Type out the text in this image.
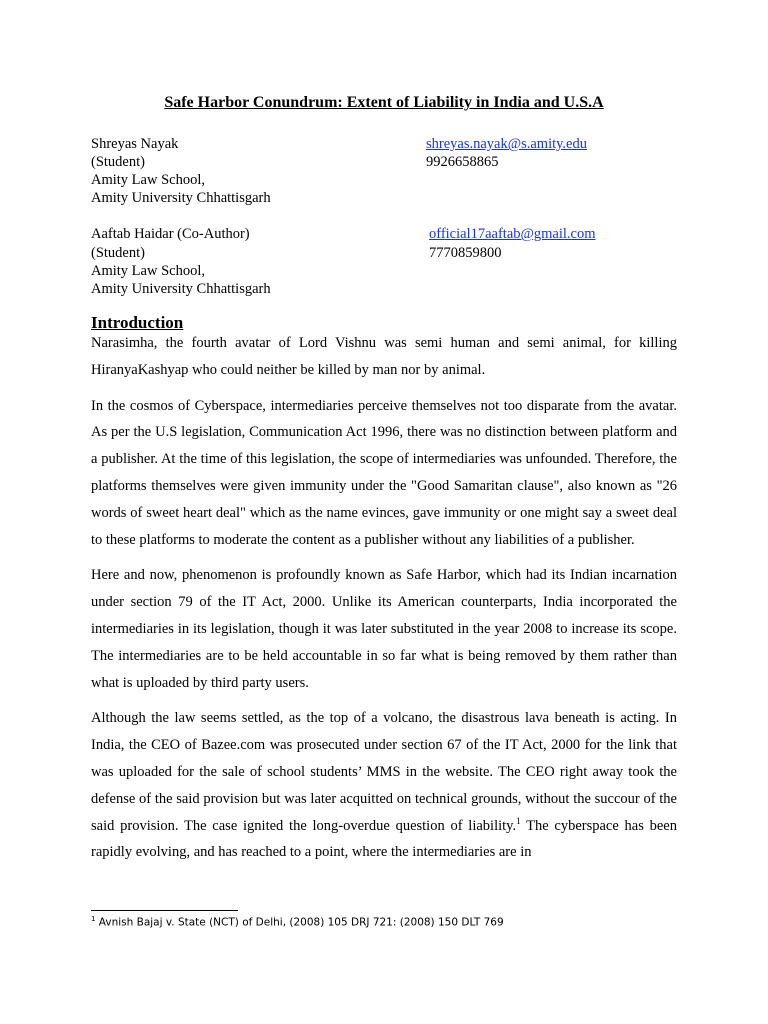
Safe Harbor Conundrum: Extent of Liability in India and U.S.A
Shreyas Nayak
(Student)
Amity Law School,
Amity University Chhattisgarh
shreyas.nayak@s.amity.edu
9926658865
Aaftab Haidar (Co-Author)
(Student)
Amity Law School,
Amity University Chhattisgarh
official17aaftab@gmail.com
7770859800
Introduction

Narasimha, the fourth avatar of Lord Vishnu was semi human and semi animal, for killing HiranyaKashyap who could neither be killed by man nor by animal.

In the cosmos of Cyberspace, intermediaries perceive themselves not too disparate from the avatar. As per the U.S legislation, Communication Act 1996, there was no distinction between platform and a publisher. At the time of this legislation, the scope of intermediaries was unfounded. Therefore, the platforms themselves were given immunity under the "Good Samaritan clause", also known as "26 words of sweet heart deal" which as the name evinces, gave immunity or one might say a sweet deal to these platforms to moderate the content as a publisher without any liabilities of a publisher.

Here and now, phenomenon is profoundly known as Safe Harbor, which had its Indian incarnation under section 79 of the IT Act, 2000. Unlike its American counterparts, India incorporated the intermediaries in its legislation, though it was later substituted in the year 2008 to increase its scope. The intermediaries are to be held accountable in so far what is being removed by them rather than what is uploaded by third party users.

Although the law seems settled, as the top of a volcano, the disastrous lava beneath is acting. In India, the CEO of Bazee.com was prosecuted under section 67 of the IT Act, 2000 for the link that was uploaded for the sale of school students’ MMS in the website. The CEO right away took the defense of the said provision but was later acquitted on technical grounds, without the succour of the said provision. The case ignited the long-overdue question of liability.$^1$ The cyberspace has been rapidly evolving, and has reached to a point, where the intermediaries are in

$^1$ Avnish Bajaj v. State (NCT) of Delhi, (2008) 105 DRJ 721: (2008) 150 DLT 769
